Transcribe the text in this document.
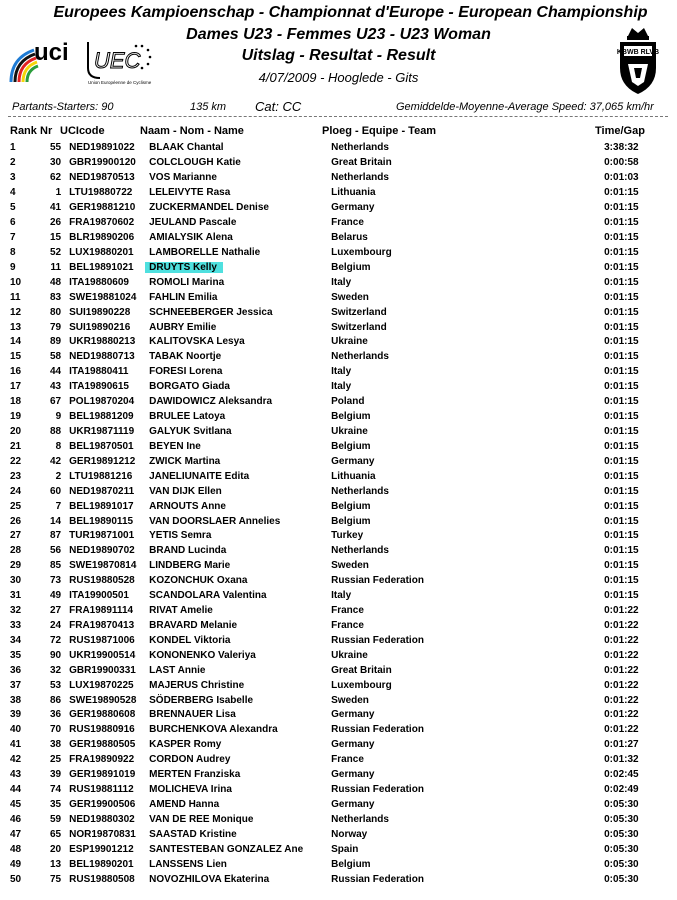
Europees Kampioenschap - Championnat d'Europe - European Championship
Dames U23 - Femmes U23 - U23 Woman
Uitslag - Resultat - Result
4/07/2009 - Hooglede - Gits
uci UEC
Union Européenne de Cyclisme
KBWB RLVB
Partants-Starters: 90	135 km Cat: CC	Gemiddelde-Moyenne-Average Speed: 37,065 km/hr
Rank Nr UCIcode	Naam - Nom - Name	Ploeg - Equipe - Team	Time/Gap
1	55	NED19891022	BLAAK Chantal	Netherlands	3:38:32
2	30	GBR19900120	COLCLOUGH Katie	Great Britain	0:00:58
3	62	NED19870513	VOS Marianne	Netherlands	0:01:03
4	1	LTU19880722	LELEIVYTE Rasa	Lithuania	0:01:15
5	41	GER19881210	ZUCKERMANDEL Denise	Germany	0:01:15
6	26	FRA19870602	JEULAND Pascale	France	0:01:15
7	15	BLR19890206	AMIALYSIK Alena	Belarus	0:01:15
8	52	LUX19880201	LAMBORELLE Nathalie	Luxembourg	0:01:15
9	11	BEL19891021	DRUYTS Kelly	Belgium	0:01:15
10	48	ITA19880609	ROMOLI Marina	Italy	0:01:15
11	83	SWE19881024	FAHLIN Emilia	Sweden	0:01:15
12	80	SUI19890228	SCHNEEBERGER Jessica	Switzerland	0:01:15
13	79	SUI19890216	AUBRY Emilie	Switzerland	0:01:15
14	89	UKR19880213	KALITOVSKA Lesya	Ukraine	0:01:15
15	58	NED19880713	TABAK Noortje	Netherlands	0:01:15
16	44	ITA19880411	FORESI Lorena	Italy	0:01:15
17	43	ITA19890615	BORGATO Giada	Italy	0:01:15
18	67	POL19870204	DAWIDOWICZ Aleksandra	Poland	0:01:15
19	9	BEL19881209	BRULEE Latoya	Belgium	0:01:15
20	88	UKR19871119	GALYUK Svitlana	Ukraine	0:01:15
21	8	BEL19870501	BEYEN Ine	Belgium	0:01:15
22	42	GER19891212	ZWICK Martina	Germany	0:01:15
23	2	LTU19881216	JANELIUNAITE Edita	Lithuania	0:01:15
24	60	NED19870211	VAN DIJK Ellen	Netherlands	0:01:15
25	7	BEL19891017	ARNOUTS Anne	Belgium	0:01:15
26	14	BEL19890115	VAN DOORSLAER Annelies	Belgium	0:01:15
27	87	TUR19871001	YETIS Semra	Turkey	0:01:15
28	56	NED19890702	BRAND Lucinda	Netherlands	0:01:15
29	85	SWE19870814	LINDBERG Marie	Sweden	0:01:15
30	73	RUS19880528	KOZONCHUK Oxana	Russian Federation	0:01:15
31	49	ITA19900501	SCANDOLARA Valentina	Italy	0:01:15
32	27	FRA19891114	RIVAT Amelie	France	0:01:22
33	24	FRA19870413	BRAVARD Melanie	France	0:01:22
34	72	RUS19871006	KONDEL Viktoria	Russian Federation	0:01:22
35	90	UKR19900514	KONONENKO Valeriya	Ukraine	0:01:22
36	32	GBR19900331	LAST Annie	Great Britain	0:01:22
37	53	LUX19870225	MAJERUS Christine	Luxembourg	0:01:22
38	86	SWE19890528	SÖDERBERG Isabelle	Sweden	0:01:22
39	36	GER19880608	BRENNAUER Lisa	Germany	0:01:22
40	70	RUS19880916	BURCHENKOVA Alexandra	Russian Federation	0:01:22
41	38	GER19880505	KASPER Romy	Germany	0:01:27
42	25	FRA19890922	CORDON Audrey	France	0:01:32
43	39	GER19891019	MERTEN Franziska	Germany	0:02:45
44	74	RUS19881112	MOLICHEVA Irina	Russian Federation	0:02:49
45	35	GER19900506	AMEND Hanna	Germany	0:05:30
46	59	NED19880302	VAN DE REE Monique	Netherlands	0:05:30
47	65	NOR19870831	SAASTAD Kristine	Norway	0:05:30
48	20	ESP19901212	SANTESTEBAN GONZALEZ Ane	Spain	0:05:30
49	13	BEL19890201	LANSSENS Lien	Belgium	0:05:30
50	75	RUS19880508	NOVOZHILOVA Ekaterina	Russian Federation	0:05:30
